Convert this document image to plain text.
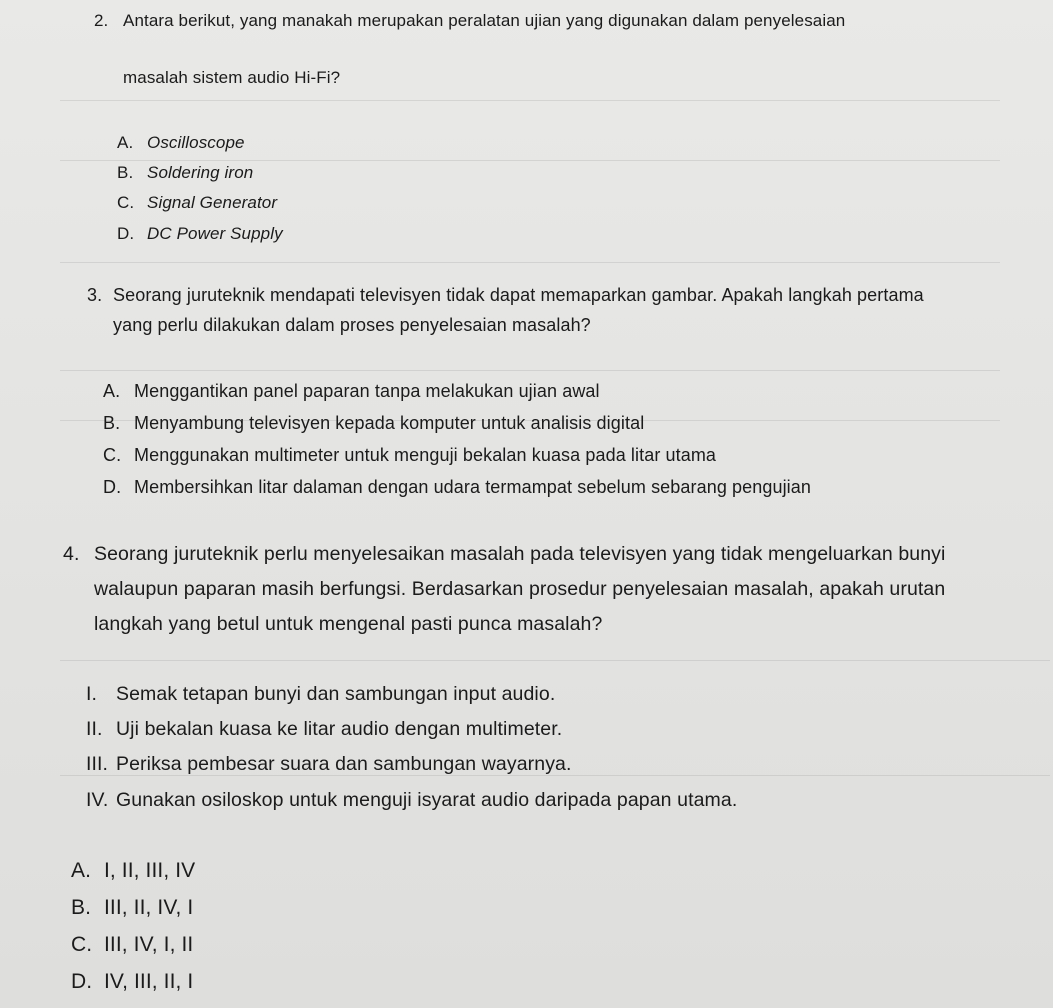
2. Antara berikut, yang manakah merupakan peralatan ujian yang digunakan dalam penyelesaian
masalah sistem audio Hi-Fi?
A. Oscilloscope
B. Soldering iron
C. Signal Generator
D. DC Power Supply
3. Seorang juruteknik mendapati televisyen tidak dapat memaparkan gambar. Apakah langkah pertama
yang perlu dilakukan dalam proses penyelesaian masalah?
A. Menggantikan panel paparan tanpa melakukan ujian awal
B. Menyambung televisyen kepada komputer untuk analisis digital
C. Menggunakan multimeter untuk menguji bekalan kuasa pada litar utama
D. Membersihkan litar dalaman dengan udara termampat sebelum sebarang pengujian
4. Seorang juruteknik perlu menyelesaikan masalah pada televisyen yang tidak mengeluarkan bunyi
walaupun paparan masih berfungsi. Berdasarkan prosedur penyelesaian masalah, apakah urutan
langkah yang betul untuk mengenal pasti punca masalah?
I. Semak tetapan bunyi dan sambungan input audio.
II. Uji bekalan kuasa ke litar audio dengan multimeter.
III. Periksa pembesar suara dan sambungan wayarnya.
IV. Gunakan osiloskop untuk menguji isyarat audio daripada papan utama.
A. I, II, III, IV
B. III, II, IV, I
C. III, IV, I, II
D. IV, III, II, I
